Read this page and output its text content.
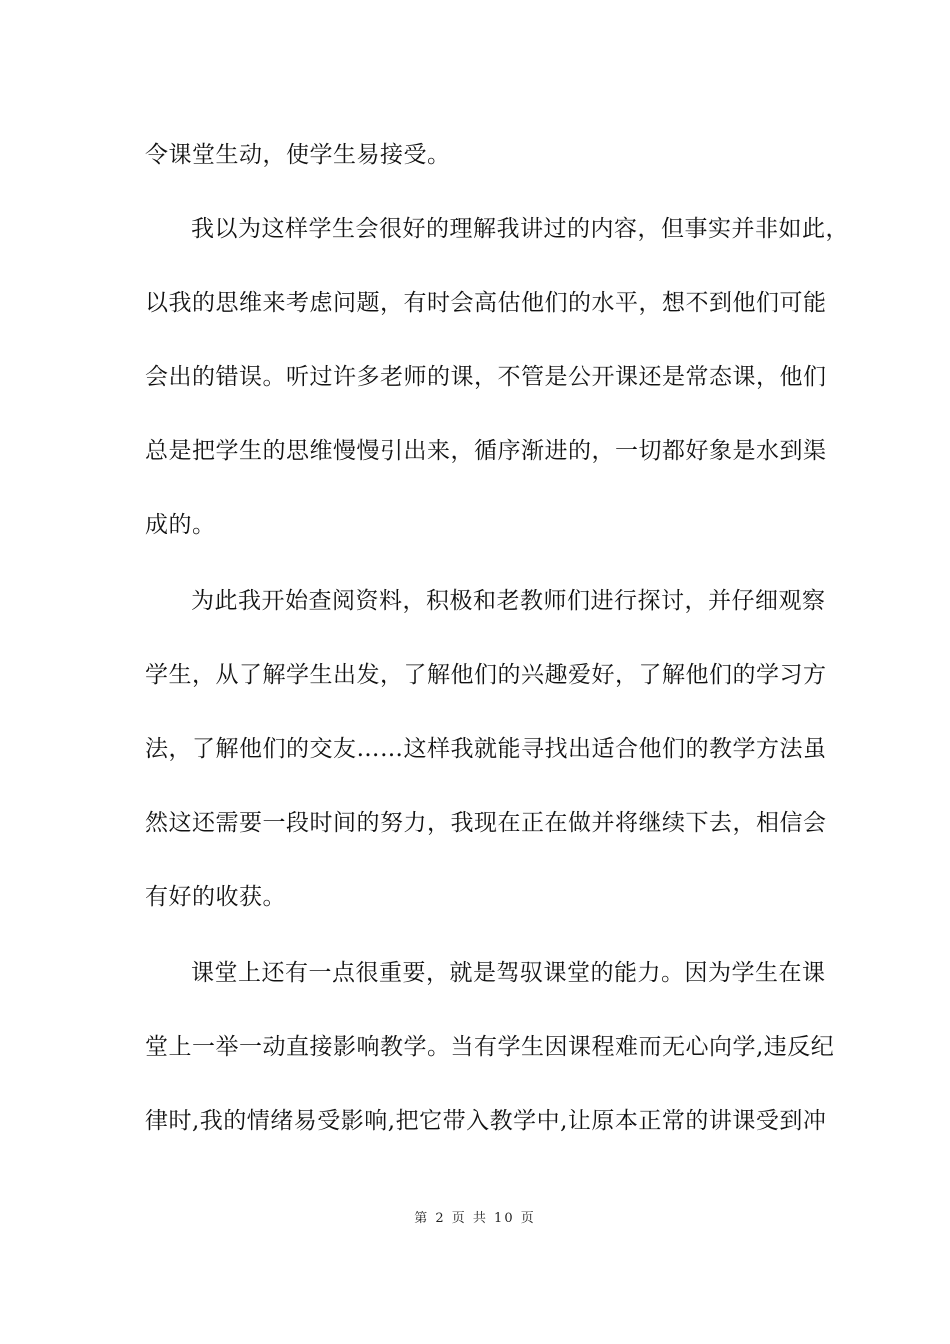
令课堂生动，使学生易接受。
我以为这样学生会很好的理解我讲过的内容，但事实并非如此，
以我的思维来考虑问题，有时会高估他们的水平，想不到他们可能
会出的错误。听过许多老师的课，不管是公开课还是常态课，他们
总是把学生的思维慢慢引出来，循序渐进的，一切都好象是水到渠
成的。
为此我开始查阅资料，积极和老教师们进行探讨，并仔细观察
学生，从了解学生出发，了解他们的兴趣爱好，了解他们的学习方
法，了解他们的交友……这样我就能寻找出适合他们的教学方法虽
然这还需要一段时间的努力，我现在正在做并将继续下去，相信会
有好的收获。
课堂上还有一点很重要，就是驾驭课堂的能力。因为学生在课
堂上一举一动直接影响教学。当有学生因课程难而无心向学,违反纪
律时,我的情绪易受影响,把它带入教学中,让原本正常的讲课受到冲
第 2 页 共 10 页
